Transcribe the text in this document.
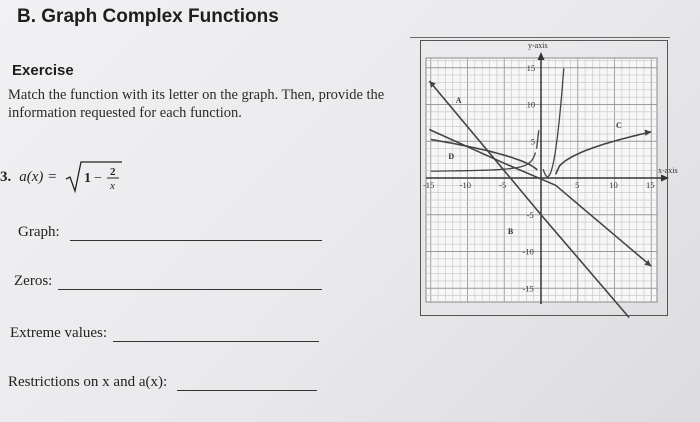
B. Graph Complex Functions
Exercise
Match the function with its letter on the graph. Then, provide the information requested for each function.
3. a(x) = 1 − 2
x
Graph:
Zeros:
Extreme values:
Restrictions on x and a(x):
y-axis
x-axis
-15	-10	-5	5	10	15
15
10
5
-5
-10
-15
A
B
C
D
